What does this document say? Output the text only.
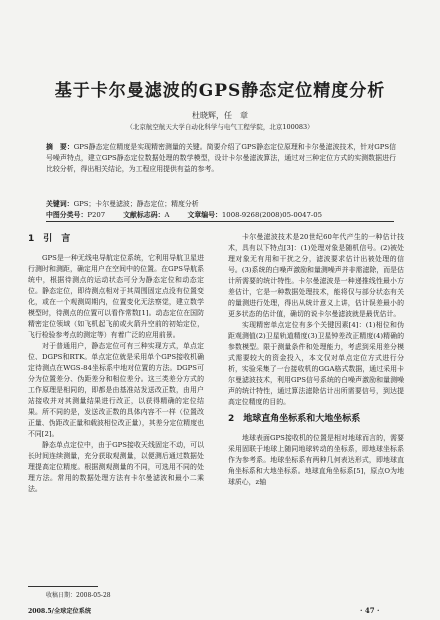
基于卡尔曼滤波的GPS静态定位精度分析
杜晓辉，任　章
（北京航空航天大学自动化科学与电气工程学院，北京100083）

摘　要：GPS静态定位精度是实现精密测量的关键。简要介绍了GPS静态定位原理和卡尔曼滤波技术，针对GPS信号噪声特点，建立GPS静态定位数据处理的数学模型，设计卡尔曼滤波算法，通过对三种定位方式的实测数据进行比较分析，得出相关结论，为工程应用提供有益的参考。

关键词：GPS；卡尔曼滤波；静态定位；精度分析
中图分类号：P207	文献标志码：A	文章编号：1008-9268(2008)05-0047-05
1　引　言

GPS是一种无线电导航定位系统，它利用导航卫星进行测时和测距，确定用户在空间中的位置。在GPS导航系统中，根据待测点的运动状态可分为静态定位和动态定位。静态定位，即待测点相对于其周围固定点没有位置变化，或在一个观测周期内，位置变化无法察觉，建立数学模型时，待测点的位置可以看作常数[1]。动态定位在国防精密定位领域（如飞机起飞前或火箭升空前的初始定位，飞行检验参考点的测定等）有着广泛的应用前景。

对于普通用户，静态定位可有三种实现方式，单点定位、DGPS和RTK。单点定位就是采用单个GPS接收机确定待测点在WGS-84坐标系中地对位置的方法。DGPS可分为位置差分、伪距差分和相位差分。这三类差分方式的工作原理是相同的，即都是由基准站发送改正数，由用户站接收并对其测量结果进行改正，以获得精确的定位结果。所不同的是，发送改正数的具体内容不一样（位置改正量、伪距改正量和载波相位改正量），其差分定位精度也不同[2]。

静态单点定位中，由于GPS接收天线固定不动，可以长时间连续测量，充分获取观测量，以便测后通过数据处理提高定位精度。根据测观测量的不同，可选用不同的处理方法。常用的数据处理方法有卡尔曼滤波和最小二乘法。

卡尔曼滤波技术是20世纪60年代产生的一种估计技术，具有以下特点[3]：(1)处理对象是随机信号。(2)被处理对象无有用和干扰之分，滤波要求估计出被处理的信号。(3)系统的白噪声激励和量测噪声并非需滤除，而是估计所需要的统计特性。卡尔曼滤波是一种递推线性最小方差估计，它是一种数据处理技术，能将仅与部分状态有关的量测进行处理，得出从统计意义上讲，估计误差最小的更多状态的估计值，确切的说卡尔曼滤波就是最优估计。

实现精密单点定位有多个关键因素[4]：(1)相位和伪距观测值(2)卫星轨道精度(3)卫星钟差改正精度(4)精确的参数模型。限于测量条件和处理能力，考虑到采用差分模式需要较大的资金投入，本文仅对单点定位方式进行分析，实验采集了一台接收机的GGA格式数据，通过采用卡尔曼滤波技术，利用GPS信号系统的白噪声激励和量测噪声的统计特性，通过算法滤除估计出所需要信号，到达提高定位精度的目的。

2　地球直角坐标系和大地坐标系

地球表面GPS接收机的位置是相对地球而言的，需要采用固联于地球上随同地球转动的坐标系，即地球坐标系作为参考系。地球坐标系有两种几何表达形式，即地球直角坐标系和大地坐标系。地球直角坐标系[5]，原点O为地球质心，z轴

收稿日期：2008-05-28
2008.5/全球定位系统	· 47 ·
